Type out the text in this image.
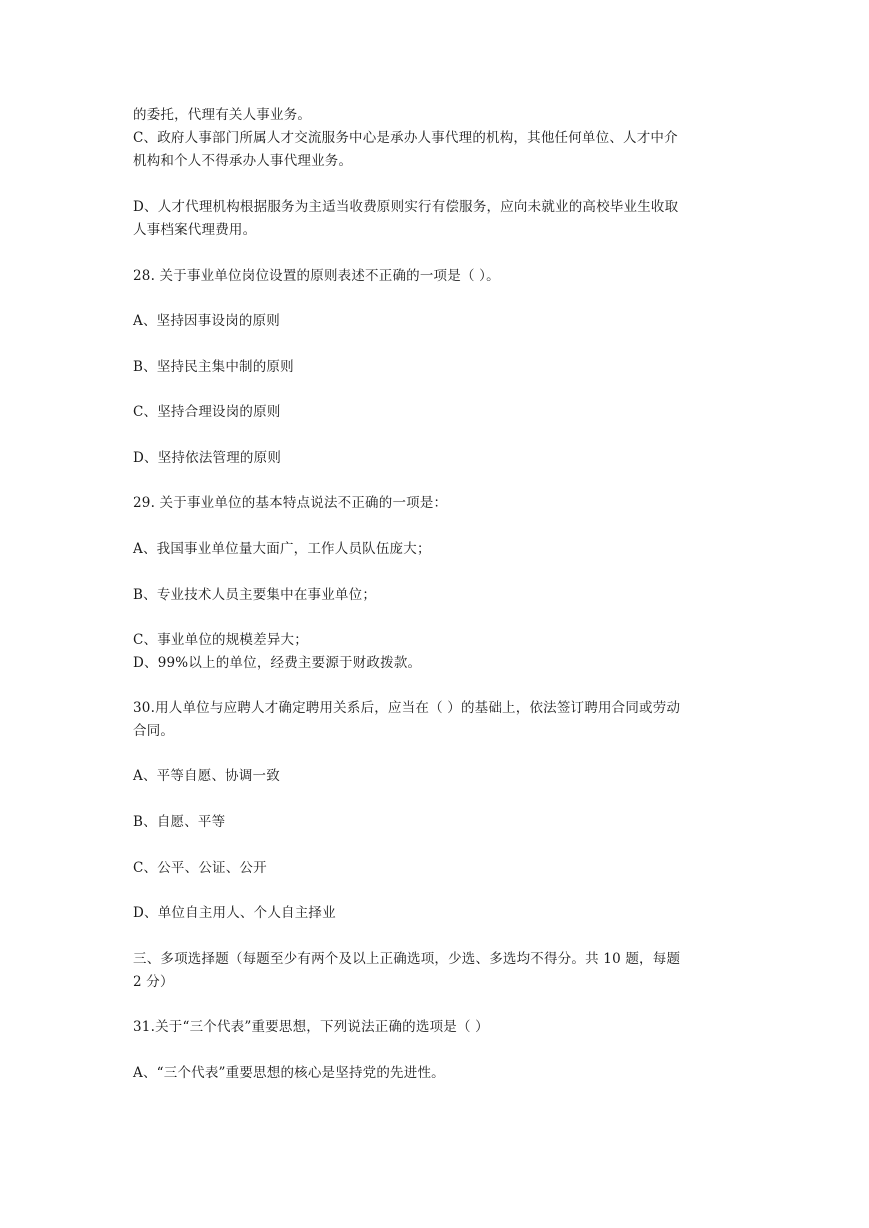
的委托，代理有关人事业务。
C、政府人事部门所属人才交流服务中心是承办人事代理的机构，其他任何单位、人才中介
机构和个人不得承办人事代理业务。
D、人才代理机构根据服务为主适当收费原则实行有偿服务，应向未就业的高校毕业生收取
人事档案代理费用。
28. 关于事业单位岗位设置的原则表述不正确的一项是（ ）。
A、坚持因事设岗的原则
B、坚持民主集中制的原则
C、坚持合理设岗的原则
D、坚持依法管理的原则
29. 关于事业单位的基本特点说法不正确的一项是：
A、我国事业单位量大面广，工作人员队伍庞大；
B、专业技术人员主要集中在事业单位；
C、事业单位的规模差异大；
D、99%以上的单位，经费主要源于财政拨款。
30.用人单位与应聘人才确定聘用关系后，应当在（ ）的基础上，依法签订聘用合同或劳动
合同。
A、平等自愿、协调一致
B、自愿、平等
C、公平、公证、公开
D、单位自主用人、个人自主择业
三、多项选择题（每题至少有两个及以上正确选项，少选、多选均不得分。共 10 题，每题
2 分）
31.关于“三个代表”重要思想，下列说法正确的选项是（ ）
A、“三个代表”重要思想的核心是坚持党的先进性。
